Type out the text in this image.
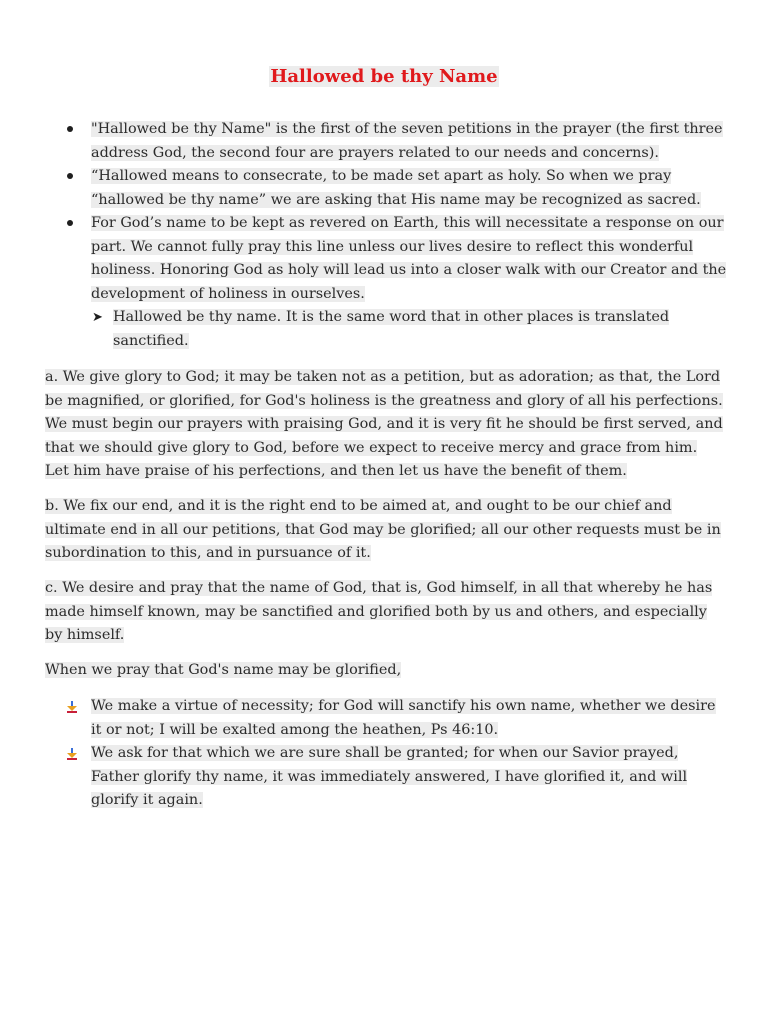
Hallowed be thy Name
"Hallowed be thy Name" is the first of the seven petitions in the prayer (the first three address God, the second four are prayers related to our needs and concerns).
“Hallowed means to consecrate, to be made set apart as holy. So when we pray “hallowed be thy name” we are asking that His name may be recognized as sacred.
For God’s name to be kept as revered on Earth, this will necessitate a response on our part. We cannot fully pray this line unless our lives desire to reflect this wonderful holiness. Honoring God as holy will lead us into a closer walk with our Creator and the development of holiness in ourselves.
➤ Hallowed be thy name. It is the same word that in other places is translated sanctified.

a. We give glory to God; it may be taken not as a petition, but as adoration; as that, the Lord be magnified, or glorified, for God's holiness is the greatness and glory of all his perfections. We must begin our prayers with praising God, and it is very fit he should be first served, and that we should give glory to God, before we expect to receive mercy and grace from him. Let him have praise of his perfections, and then let us have the benefit of them.

b. We fix our end, and it is the right end to be aimed at, and ought to be our chief and ultimate end in all our petitions, that God may be glorified; all our other requests must be in subordination to this, and in pursuance of it.

c. We desire and pray that the name of God, that is, God himself, in all that whereby he has made himself known, may be sanctified and glorified both by us and others, and especially by himself.

When we pray that God's name may be glorified,

We make a virtue of necessity; for God will sanctify his own name, whether we desire it or not; I will be exalted among the heathen, Ps 46:10.
We ask for that which we are sure shall be granted; for when our Savior prayed, Father glorify thy name, it was immediately answered, I have glorified it, and will glorify it again.
